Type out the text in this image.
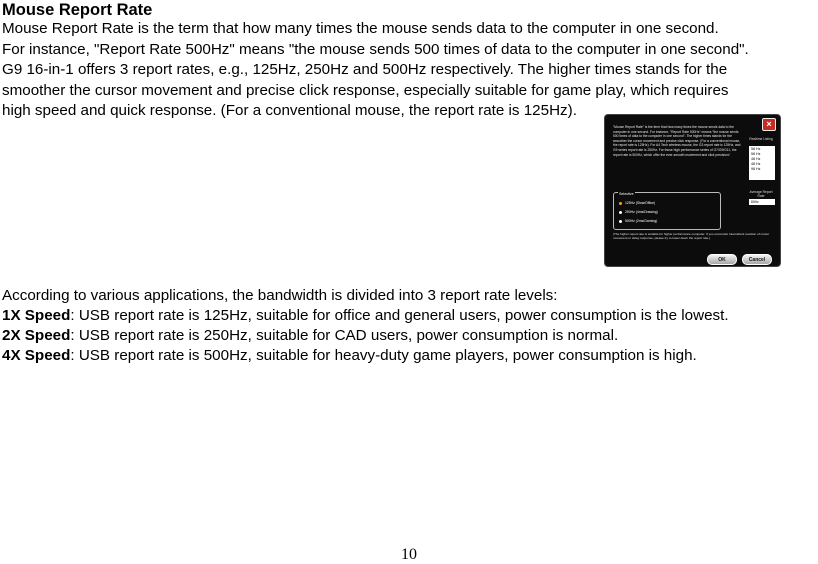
Mouse Report Rate
Mouse Report Rate is the term that how many times the mouse sends data to the computer in one second.
For instance, "Report Rate 500Hz" means "the mouse sends 500 times of data to the computer in one second".
G9 16-in-1 offers 3 report rates, e.g., 125Hz, 250Hz and 500Hz respectively. The higher times stands for the
smoother the cursor movement and precise click response, especially suitable for game play, which requires
high speed and quick response. (For a conventional mouse, the report rate is 125Hz).
×
"Mouse Report Rate" is the term that how many times the mouse sends data to the computer in one second. For instance, "Report Rate 500Hz" means "the mouse sends 500 times of data to the computer in one second". The higher times stands for the smoother the cursor movement and precise click response. (For a conventional mouse, the report rate is 125Hz). For A4 Tech wireless mouse, the G3 report rate is 125Hz, and G9 series report rate is 250Hz. For those high performance series of G7/G9/G11, the report rate is 500Hz, which offer the ever-smooth movement and click precision!
Realtime Listing
58 Hz
58 Hz
48 Hz
48 Hz
98 Hz
Average Report Rate
80Hz
Selective
125Hz (Slow/Office)
250Hz (4ms/Drawing)
500Hz (2ms/Gaming)
(The higher report rate is suitable for higher performance computer. If you encounter intermittent reaction of cursor movement or delay response, please try to lower down the report rate.)
OK	Cancel
According to various applications, the bandwidth is divided into 3 report rate levels:
1X Speed: USB report rate is 125Hz, suitable for office and general users, power consumption is the lowest.
2X Speed: USB report rate is 250Hz, suitable for CAD users, power consumption is normal.
4X Speed: USB report rate is 500Hz, suitable for heavy-duty game players, power consumption is high.
10
